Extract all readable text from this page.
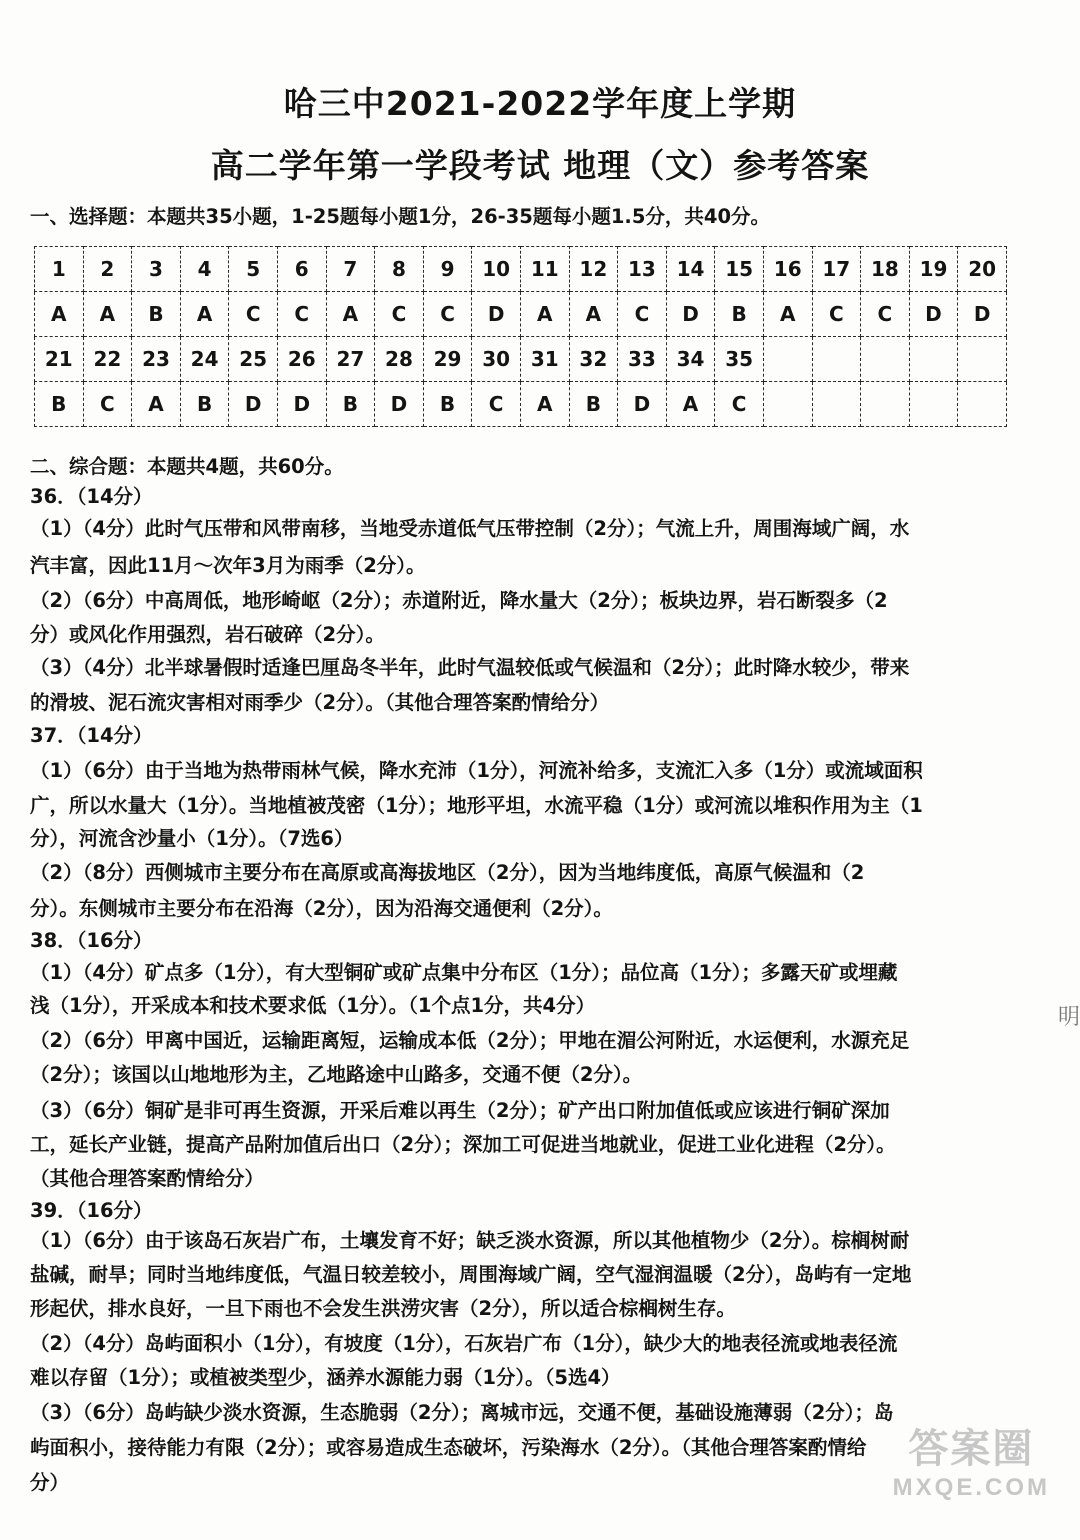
哈三中2021-2022学年度上学期
高二学年第一学段考试 地理（文）参考答案
一、选择题：本题共35小题，1-25题每小题1分，26-35题每小题1.5分，共40分。
1	2	3	4	5	6	7	8	9	10	11	12	13	14	15	16	17	18	19	20
A	A	B	A	C	C	A	C	C	D	A	A	C	D	B	A	C	C	D	D
21	22	23	24	25	26	27	28	29	30	31	32	33	34	35					
B	C	A	B	D	D	B	D	B	C	A	B	D	A	C					
二、综合题：本题共4题，共60分。
36．（14分）
（1）（4分）此时气压带和风带南移，当地受赤道低气压带控制（2分）；气流上升，周围海域广阔，水
汽丰富，因此11月～次年3月为雨季（2分）。
（2）（6分）中高周低，地形崎岖（2分）；赤道附近，降水量大（2分）；板块边界，岩石断裂多（2
分）或风化作用强烈，岩石破碎（2分）。
（3）（4分）北半球暑假时适逢巴厘岛冬半年，此时气温较低或气候温和（2分）；此时降水较少，带来
的滑坡、泥石流灾害相对雨季少（2分）。（其他合理答案酌情给分）
37．（14分）
（1）（6分）由于当地为热带雨林气候，降水充沛（1分），河流补给多，支流汇入多（1分）或流域面积
广，所以水量大（1分）。当地植被茂密（1分）；地形平坦，水流平稳（1分）或河流以堆积作用为主（1
分），河流含沙量小（1分）。（7选6）
（2）（8分）西侧城市主要分布在高原或高海拔地区（2分），因为当地纬度低，高原气候温和（2
分）。东侧城市主要分布在沿海（2分），因为沿海交通便利（2分）。
38．（16分）
（1）（4分）矿点多（1分），有大型铜矿或矿点集中分布区（1分）；品位高（1分）；多露天矿或埋藏
浅（1分），开采成本和技术要求低（1分）。（1个点1分，共4分）
（2）（6分）甲离中国近，运输距离短，运输成本低（2分）；甲地在湄公河附近，水运便利，水源充足
（2分）；该国以山地地形为主，乙地路途中山路多，交通不便（2分）。
（3）（6分）铜矿是非可再生资源，开采后难以再生（2分）；矿产出口附加值低或应该进行铜矿深加
工，延长产业链，提高产品附加值后出口（2分）；深加工可促进当地就业，促进工业化进程（2分）。
（其他合理答案酌情给分）
39．（16分）
（1）（6分）由于该岛石灰岩广布，土壤发育不好；缺乏淡水资源，所以其他植物少（2分）。棕榈树耐
盐碱，耐旱；同时当地纬度低，气温日较差较小，周围海域广阔，空气湿润温暖（2分），岛屿有一定地
形起伏，排水良好，一旦下雨也不会发生洪涝灾害（2分），所以适合棕榈树生存。
（2）（4分）岛屿面积小（1分），有坡度（1分），石灰岩广布（1分），缺少大的地表径流或地表径流
难以存留（1分）；或植被类型少，涵养水源能力弱（1分）。（5选4）
（3）（6分）岛屿缺少淡水资源，生态脆弱（2分）；离城市远，交通不便，基础设施薄弱（2分）；岛
屿面积小，接待能力有限（2分）；或容易造成生态破坏，污染海水（2分）。（其他合理答案酌情给
分）
明
答案圈
MXQE.COM
